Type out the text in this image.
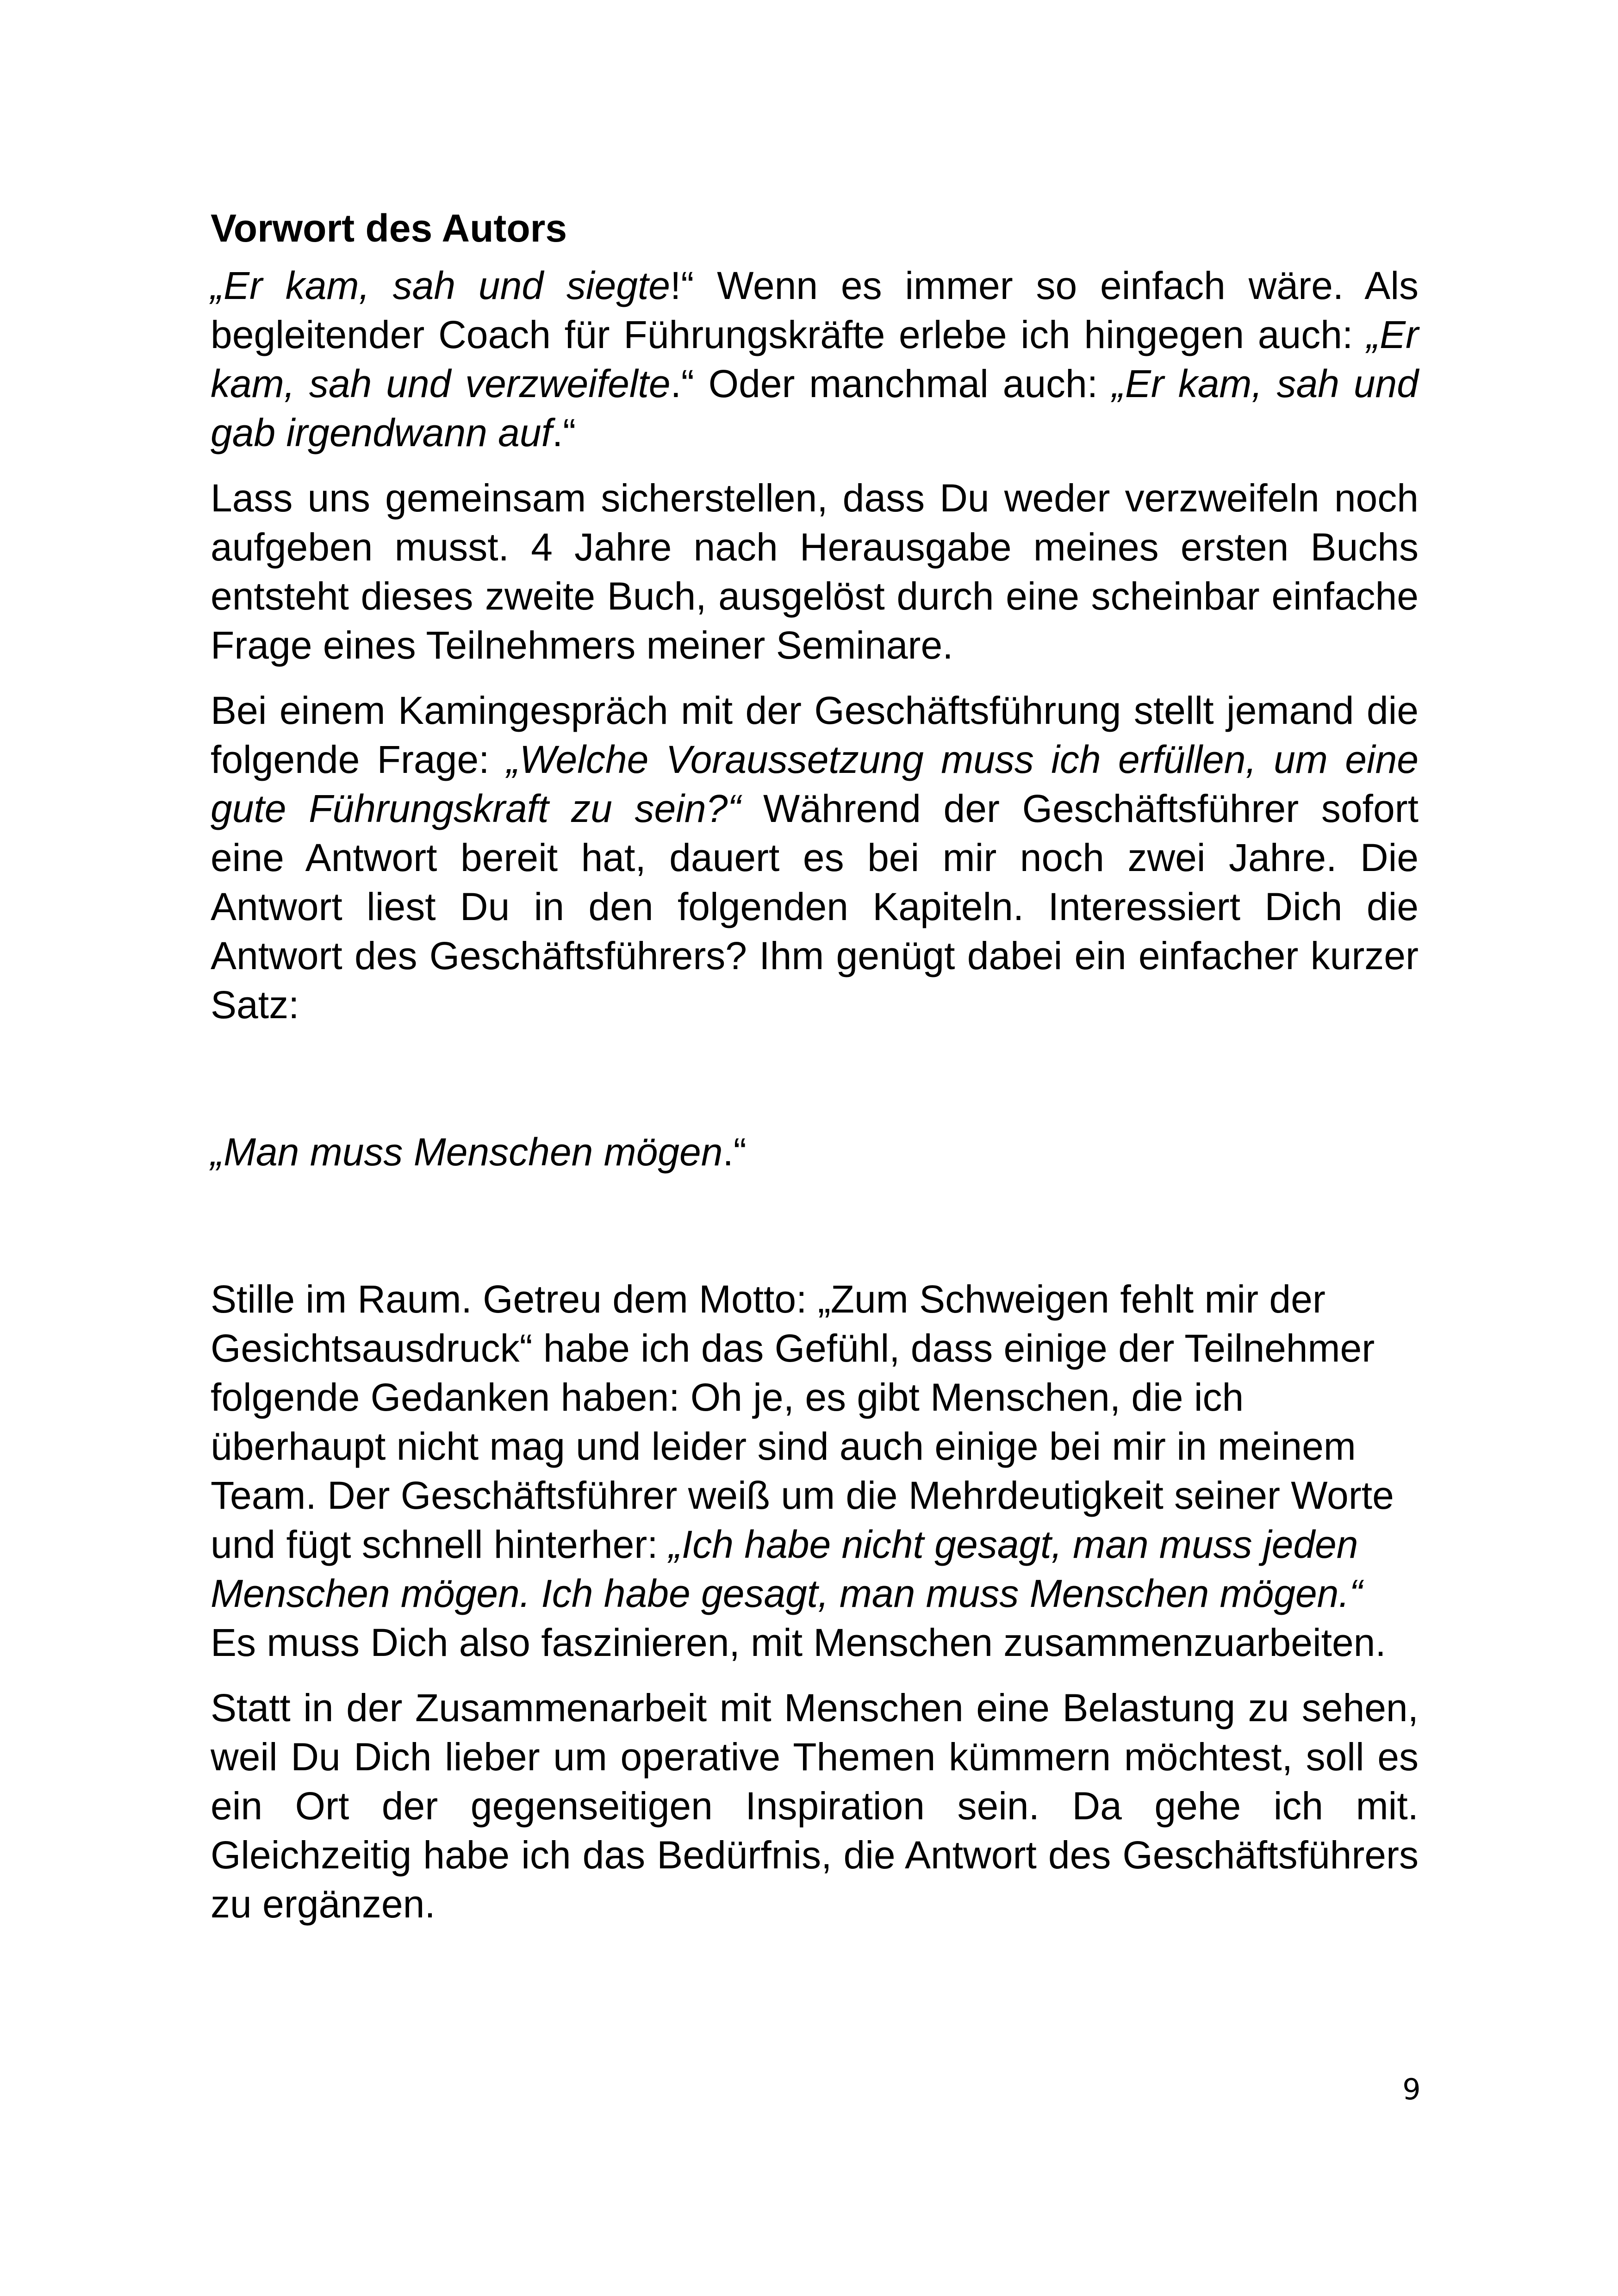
Vorwort des Autors

„Er kam, sah und siegte!“ Wenn es immer so einfach wäre. Als begleitender Coach für Führungskräfte erlebe ich hingegen auch: „Er kam, sah und verzweifelte.“ Oder manchmal auch: „Er kam, sah und gab irgendwann auf.“

Lass uns gemeinsam sicherstellen, dass Du weder verzweifeln noch aufgeben musst. 4 Jahre nach Herausgabe meines ersten Buchs entsteht dieses zweite Buch, ausgelöst durch eine scheinbar einfache Frage eines Teilnehmers meiner Seminare.

Bei einem Kamingespräch mit der Geschäftsführung stellt jemand die folgende Frage: „Welche Voraussetzung muss ich erfüllen, um eine gute Führungskraft zu sein?“ Während der Geschäftsführer sofort eine Antwort bereit hat, dauert es bei mir noch zwei Jahre. Die Antwort liest Du in den folgenden Kapiteln. Interessiert Dich die Antwort des Geschäftsführers? Ihm genügt dabei ein einfacher kurzer Satz:

„Man muss Menschen mögen.“

Stille im Raum. Getreu dem Motto: „Zum Schweigen fehlt mir der Gesichtsausdruck“ habe ich das Gefühl, dass einige der Teilnehmer folgende Gedanken haben: Oh je, es gibt Menschen, die ich überhaupt nicht mag und leider sind auch einige bei mir in meinem Team. Der Geschäftsführer weiß um die Mehrdeutigkeit seiner Worte und fügt schnell hinterher: „Ich habe nicht gesagt, man muss jeden Menschen mögen. Ich habe gesagt, man muss Menschen mögen.“ Es muss Dich also faszinieren, mit Menschen zusammenzuarbeiten.

Statt in der Zusammenarbeit mit Menschen eine Belastung zu sehen, weil Du Dich lieber um operative Themen kümmern möchtest, soll es ein Ort der gegenseitigen Inspiration sein. Da gehe ich mit. Gleichzeitig habe ich das Bedürfnis, die Antwort des Geschäftsführers zu ergänzen.

9
